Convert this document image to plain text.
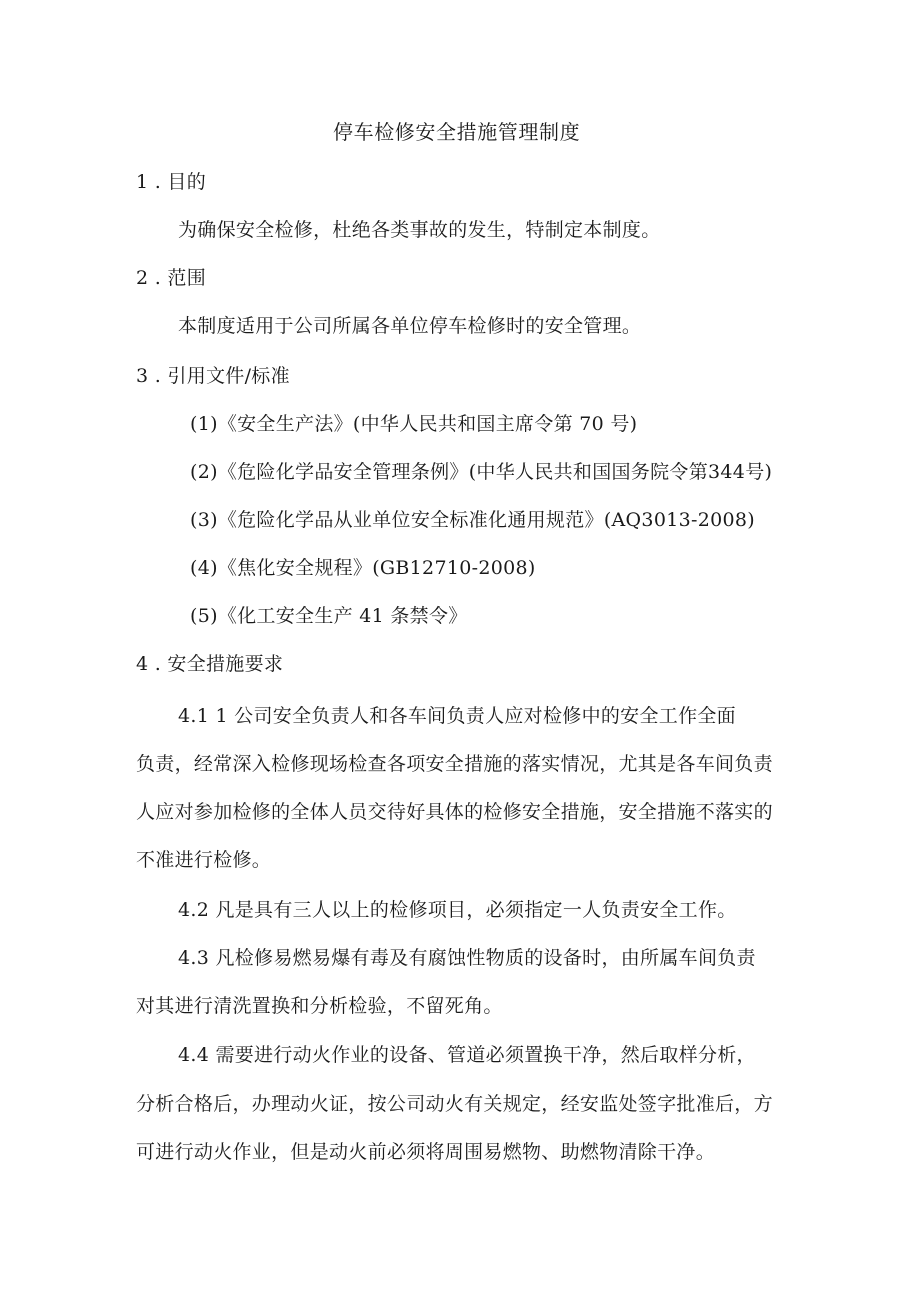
停车检修安全措施管理制度
1 . 目的
为确保安全检修，杜绝各类事故的发生，特制定本制度。
2 . 范围
本制度适用于公司所属各单位停车检修时的安全管理。
3 . 引用文件/标准
(1)《安全生产法》(中华人民共和国主席令第 70 号)
(2)《危险化学品安全管理条例》(中华人民共和国国务院令第344号)
(3)《危险化学品从业单位安全标准化通用规范》(AQ3013-2008)
(4)《焦化安全规程》(GB12710-2008)
(5)《化工安全生产 41 条禁令》
4 . 安全措施要求
4.1 1 公司安全负责人和各车间负责人应对检修中的安全工作全面
负责，经常深入检修现场检查各项安全措施的落实情况，尤其是各车间负责
人应对参加检修的全体人员交待好具体的检修安全措施，安全措施不落实的
不准进行检修。
4.2 凡是具有三人以上的检修项目，必须指定一人负责安全工作。
4.3 凡检修易燃易爆有毒及有腐蚀性物质的设备时，由所属车间负责
对其进行清洗置换和分析检验，不留死角。
4.4 需要进行动火作业的设备、管道必须置换干净，然后取样分析，
分析合格后，办理动火证，按公司动火有关规定，经安监处签字批准后，方
可进行动火作业，但是动火前必须将周围易燃物、助燃物清除干净。
